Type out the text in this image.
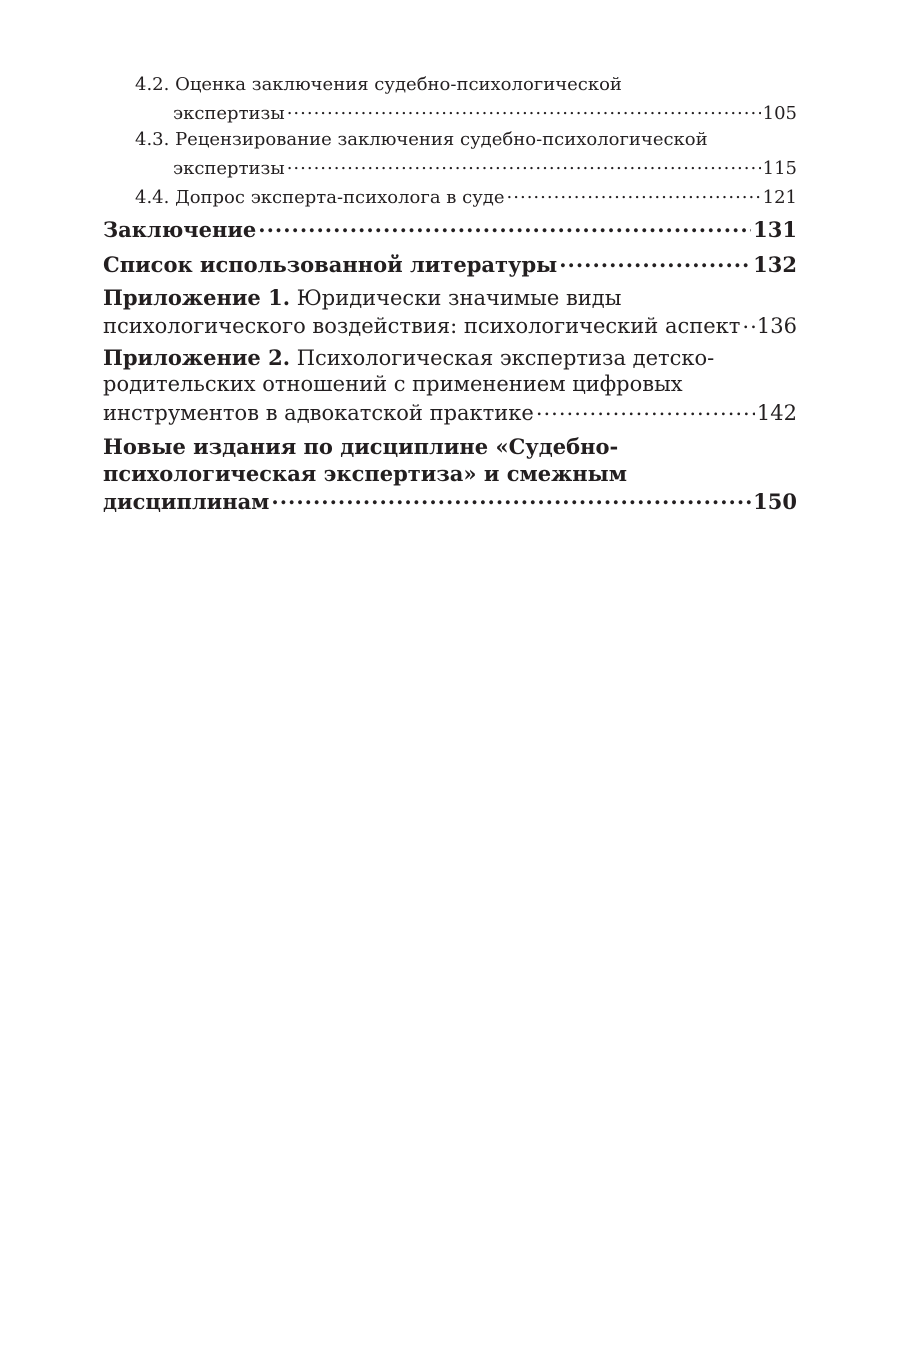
4.2. Оценка заключения судебно-психологической
экспертизы .....	105
4.3. Рецензирование заключения судебно-психологической
экспертизы .....	115
4.4. Допрос эксперта-психолога в суде .....	121
Заключение .....	131
Список использованной литературы .....	132
Приложение 1. Юридически значимые виды
психологического воздействия: психологический аспект ..... 136
Приложение 2. Психологическая экспертиза детско-
родительских отношений с применением цифровых
инструментов в адвокатской практике .....	142
Новые издания по дисциплине «Судебно-
психологическая экспертиза» и смежным
дисциплинам .....	150
